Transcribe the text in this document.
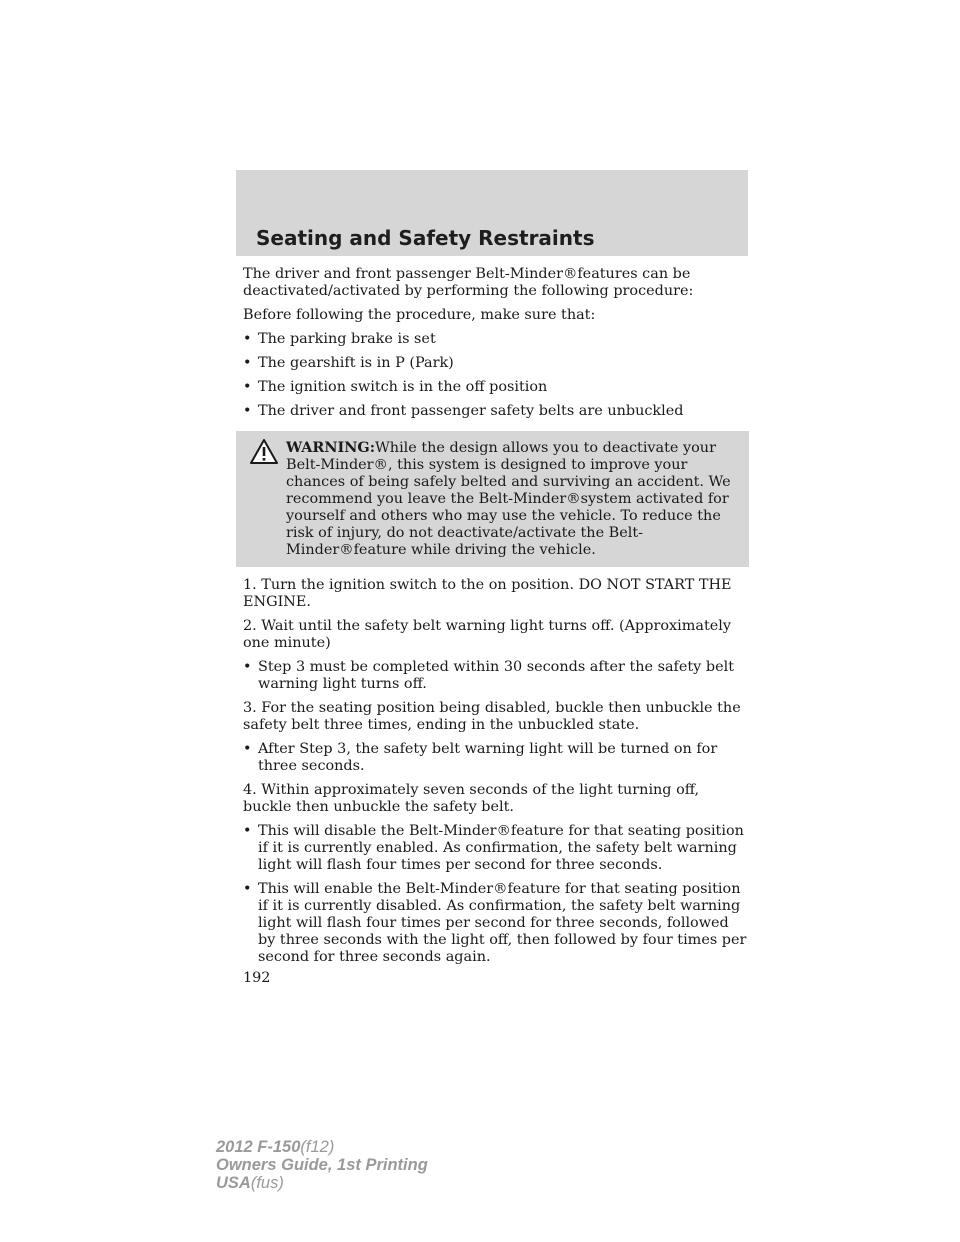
Seating and Safety Restraints

The driver and front passenger Belt-Minder®features can be deactivated/activated by performing the following procedure:

Before following the procedure, make sure that:

• The parking brake is set
• The gearshift is in P (Park)
• The ignition switch is in the off position
• The driver and front passenger safety belts are unbuckled
WARNING:While the design allows you to deactivate your Belt-Minder®, this system is designed to improve your chances of being safely belted and surviving an accident. We recommend you leave the Belt-Minder®system activated for yourself and others who may use the vehicle. To reduce the risk of injury, do not deactivate/activate the Belt-Minder®feature while driving the vehicle.

1. Turn the ignition switch to the on position. DO NOT START THE ENGINE.

2. Wait until the safety belt warning light turns off. (Approximately one minute)

• Step 3 must be completed within 30 seconds after the safety belt warning light turns off.

3. For the seating position being disabled, buckle then unbuckle the safety belt three times, ending in the unbuckled state.

• After Step 3, the safety belt warning light will be turned on for three seconds.

4. Within approximately seven seconds of the light turning off, buckle then unbuckle the safety belt.

• This will disable the Belt-Minder®feature for that seating position if it is currently enabled. As confirmation, the safety belt warning light will flash four times per second for three seconds.
• This will enable the Belt-Minder®feature for that seating position if it is currently disabled. As confirmation, the safety belt warning light will flash four times per second for three seconds, followed by three seconds with the light off, then followed by four times per second for three seconds again.
192
2012 F-150(f12)
Owners Guide, 1st Printing
USA(fus)
